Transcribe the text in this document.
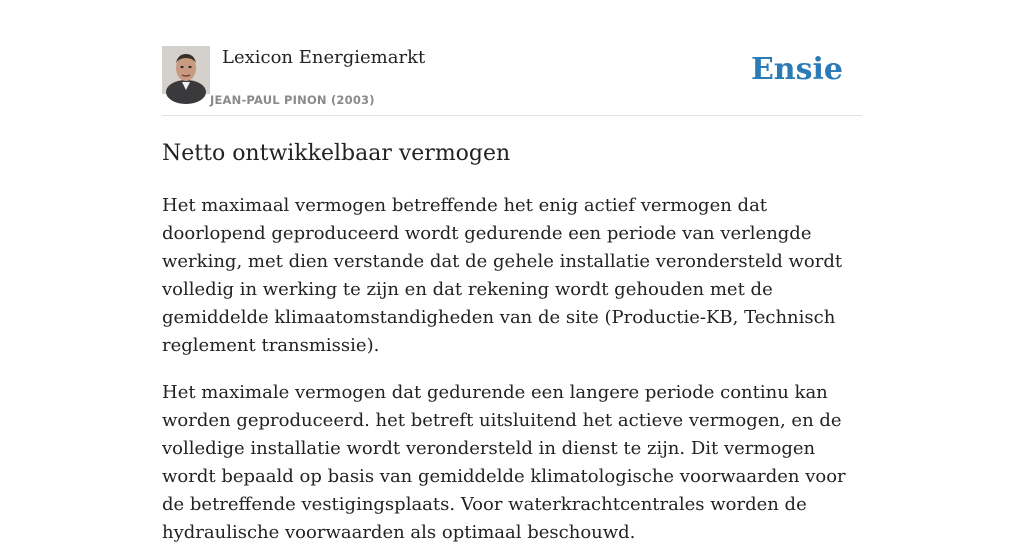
Lexicon Energiemarkt
JEAN-PAUL PINON (2003)
Ensie
Netto ontwikkelbaar vermogen

Het maximaal vermogen betreffende het enig actief vermogen dat doorlopend geproduceerd wordt gedurende een periode van verlengde werking, met dien verstande dat de gehele installatie verondersteld wordt volledig in werking te zijn en dat rekening wordt gehouden met de gemiddelde klimaatomstandigheden van de site (Productie-KB, Technisch reglement transmissie).

Het maximale vermogen dat gedurende een langere periode continu kan worden geproduceerd. het betreft uitsluitend het actieve vermogen, en de volledige installatie wordt verondersteld in dienst te zijn. Dit vermogen wordt bepaald op basis van gemiddelde klimatologische voorwaarden voor de betreffende vestigingsplaats. Voor waterkrachtcentrales worden de hydraulische voorwaarden als optimaal beschouwd.
